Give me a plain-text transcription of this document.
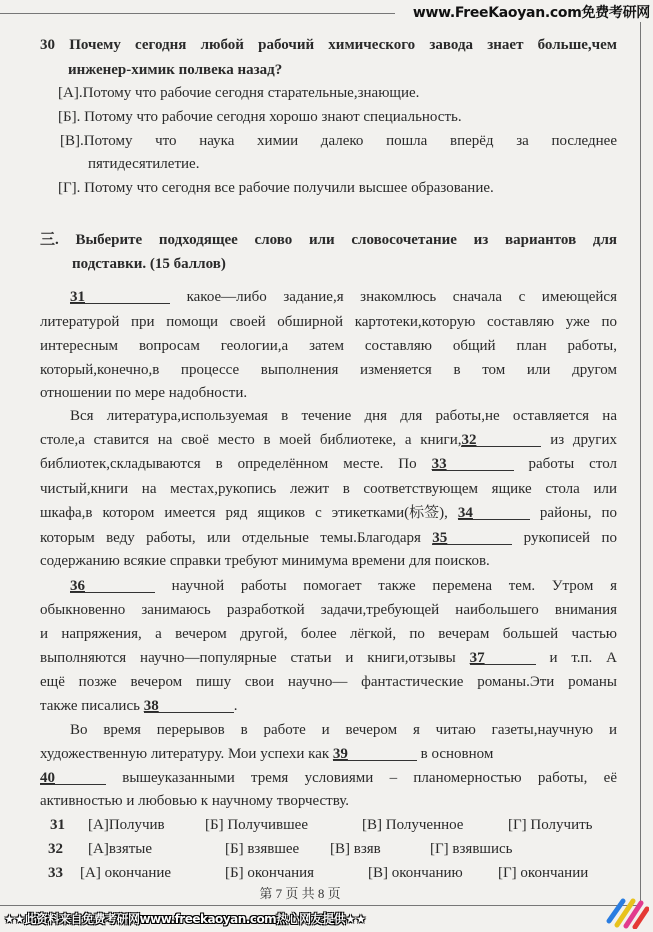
www.FreeKaoyan.com免费考研网
30 Почему сегодня любой рабочий химического завода знает больше,чем
инженер-химик полвека назад?
[А].Потому что рабочие сегодня старательные,знающие.
[Б]. Потому что рабочие сегодня хорошо знают специальность.
[В].Потому что наука химии далеко пошла вперёд за последнее
пятидесятилетие.
[Г]. Потому что сегодня все рабочие получили высшее образование.
三. Выберите подходящее слово или словосочетание из вариантов для
подставки. (15 баллов)
31	какое—либо задание,я знакомлюсь сначала с имеющейся
литературой при помощи своей обширной картотеки,которую составляю уже по
интересным вопросам геологии,а затем составляю общий план работы,
который,конечно,в процессе выполнения изменяется в том или другом
отношении по мере надобности.
Вся литература,используемая в течение дня для работы,не оставляется на
столе,а ставится на своё место в моей библиотеке, а книги,32	из других
библиотек,складываются в определённом месте. По 33	работы стол
чистый,книги на местах,рукопись лежит в соответствующем ящике стола или
шкафа,в котором имеется ряд ящиков с этикетками(标签), 34	районы, по
которым веду работы, или отдельные темы.Благодаря 35	рукописей по
содержанию всякие справки требуют минимума времени для поисков.
36	научной работы помогает также перемена тем. Утром я
обыкновенно занимаюсь разработкой задачи,требующей наибольшего внимания
и напряжения, а вечером другой, более лёгкой, по вечерам большей частью
выполняются научно—популярные статьи и книги,отзывы 37	и т.п. А
ещё позже вечером пишу свои научно— фантастические романы.Эти романы
также писались 38	.
Во время перерывов в работе и вечером я читаю газеты,научную и
художественную литературу. Мои успехи как 39	в основном
40	вышеуказанными тремя условиями – планомерностью работы, её
активностью и любовью к научному творчеству.
31 [А]Получив	[Б] Получившее	[В] Полученное	[Г] Получить
32 [А]взятые	[Б] взявшее [В] взяв	[Г] взявшись
33 [А] окончание	[Б] окончания	[В] окончанию [Г] окончании
第 7 页 共 8 页
★★此资料来自免费考研网www.freekaoyan.com热心网友提供★★
